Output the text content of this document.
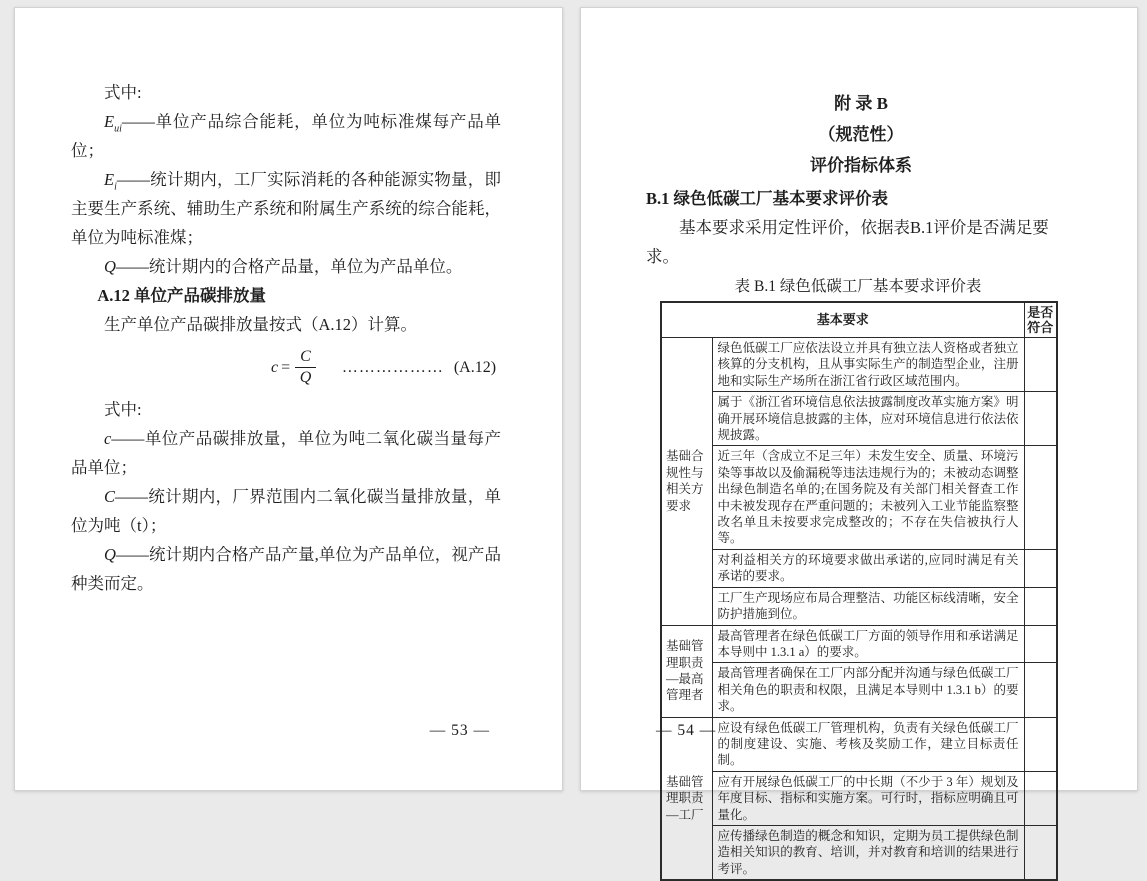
式中:

$E_{ui}——$单位产品综合能耗，单位为吨标准煤每产品单位；

$E_i——$统计期内，工厂实际消耗的各种能源实物量，即主要生产系统、辅助生产系统和附属生产系统的综合能耗，单位为吨标准煤；

Q——统计期内的合格产品量，单位为产品单位。

A.12 单位产品碳排放量

生产单位产品碳排放量按式（A.12）计算。

$c = \frac{C}{Q}$ ……………… (A.12)

式中:

c——单位产品碳排放量，单位为吨二氧化碳当量每产品单位；

C——统计期内，厂界范围内二氧化碳当量排放量，单位为吨（t）；

Q——统计期内合格产品产量,单位为产品单位，视产品种类而定。

— 53 —

附 录 B

（规范性）

评价指标体系

B.1 绿色低碳工厂基本要求评价表

基本要求采用定性评价，依据表B.1评价是否满足要求。

表 B.1 绿色低碳工厂基本要求评价表

基本要求		是否符合
基础合规性与相关方要求	绿色低碳工厂应依法设立并具有独立法人资格或者独立核算的分支机构，且从事实际生产的制造型企业，注册地和实际生产场所在浙江省行政区域范围内。	
	属于《浙江省环境信息依法披露制度改革实施方案》明确开展环境信息披露的主体，应对环境信息进行依法依规披露。	
	近三年（含成立不足三年）未发生安全、质量、环境污染等事故以及偷漏税等违法违规行为的；未被动态调整出绿色制造名单的;在国务院及有关部门相关督查工作中未被发现存在严重问题的；未被列入工业节能监察整改名单且未按要求完成整改的；不存在失信被执行人等。	
	对利益相关方的环境要求做出承诺的,应同时满足有关承诺的要求。	
	工厂生产现场应布局合理整洁、功能区标线清晰，安全防护措施到位。	
基础管理职责—最高管理者	最高管理者在绿色低碳工厂方面的领导作用和承诺满足本导则中 1.3.1 a）的要求。	
	最高管理者确保在工厂内部分配并沟通与绿色低碳工厂相关角色的职责和权限，且满足本导则中 1.3.1 b）的要求。	
基础管理职责—工厂	应设有绿色低碳工厂管理机构，负责有关绿色低碳工厂的制度建设、实施、考核及奖励工作，建立目标责任制。	
	应有开展绿色低碳工厂的中长期（不少于 3 年）规划及年度目标、指标和实施方案。可行时，指标应明确且可量化。	
	应传播绿色制造的概念和知识，定期为员工提供绿色制造相关知识的教育、培训，并对教育和培训的结果进行考评。	
— 54 —
